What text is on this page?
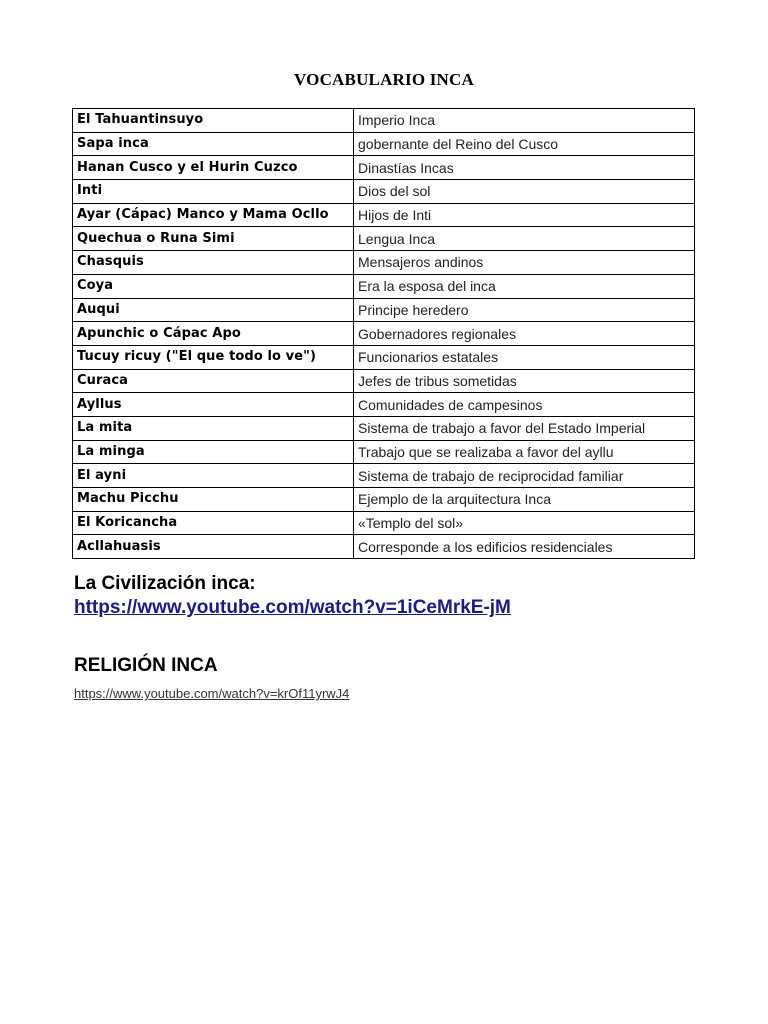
VOCABULARIO INCA
El Tahuantinsuyo	Imperio Inca
Sapa inca	gobernante del Reino del Cusco
Hanan Cusco y el Hurin Cuzco	Dinastías Incas
Inti	Dios del sol
Ayar (Cápac) Manco y Mama Ocllo	Hijos de Inti
Quechua o Runa Simi	Lengua Inca
Chasquis	Mensajeros andinos
Coya	Era la esposa del inca
Auqui	Principe heredero
Apunchic o Cápac Apo	Gobernadores regionales
Tucuy ricuy ("El que todo lo ve")	Funcionarios estatales
Curaca	Jefes de tribus sometidas
Ayllus	Comunidades de campesinos
La mita	Sistema de trabajo a favor del Estado Imperial
La minga	Trabajo que se realizaba a favor del ayllu
El ayni	Sistema de trabajo de reciprocidad familiar
Machu Picchu	Ejemplo de la arquitectura Inca
El Koricancha	«Templo del sol»
Acllahuasis	Corresponde a los edificios residenciales
La Civilización inca:
https://www.youtube.com/watch?v=1iCeMrkE-jM
RELIGIÓN INCA
https://www.youtube.com/watch?v=krOf11yrwJ4
